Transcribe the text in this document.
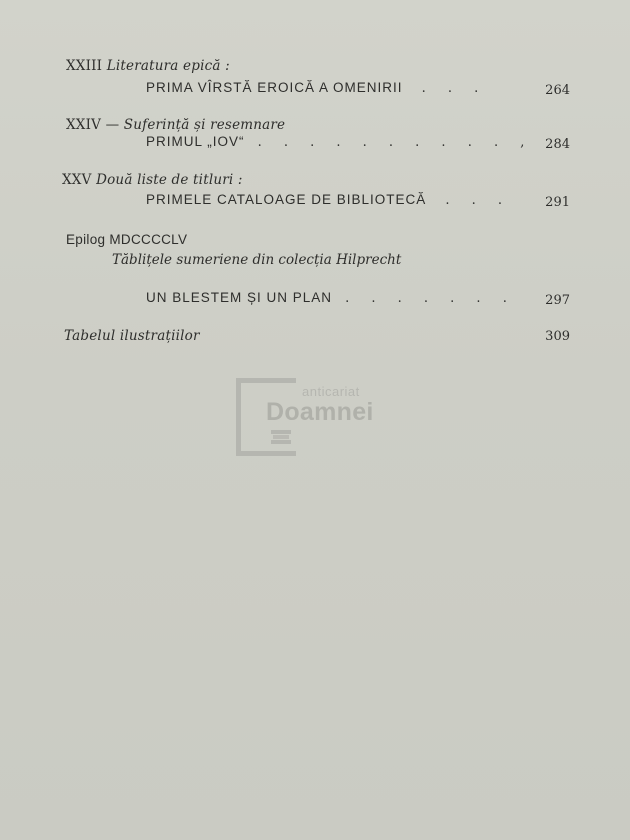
XXIII Literatura epică :
PRIMA VÎRSTĂ EROICĂ A OMENIRII . . .	264
XXIV — Suferință și resemnare
PRIMUL „IOV“ . . . . . . . . . . , 284
XXV Două liste de titluri :
PRIMELE CATALOAGE DE BIBLIOTECĂ . . .	291
Epilog MDCCCCLV
Tăblițele sumeriene din colecția Hilprecht
UN BLESTEM ȘI UN PLAN . . . . . . . 297
Tabelul ilustrațiilor	309
anticariat
Doamnei
